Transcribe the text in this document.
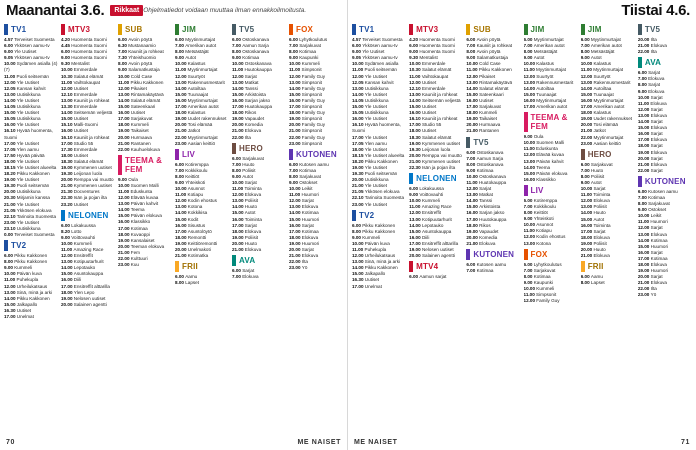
Maanantai 3.6.	Rikkaat Ohjelmatiedot voidaan muuttaa ilman ennakkoilmoitusta.
TV1
4.57 Terveiset Suomesta
6.00 Ykkösen aamu-tv
9.00 Yle Uutiset
9.05 Ykkösen aamu-tv
10.00 Sydämen asialla (4) (7)
11.00 Puoli seitsemän
12.00 Yle Uutiset
12.05 Kansan kahvit
13.00 Uutisikkuna
14.00 Yle Uutiset
14.05 Uutisikkuna
15.00 Yle Uutiset
15.05 Uutisikkuna
16.00 Yle Uutiset
16.10 Hyvää huomenta, Suomi
17.00 Yle Uutiset
17.05 Ylen aamu
17.50 Hyvää päivää
18.00 Yle Uutiset
18.15 Yle Uutiset alueelta
18.20 Pikku Kakkonen
19.00 Yle Uutiset
19.30 Puoli seitsemän
20.00 Uutisikkuna
20.30 Mirjamin kanssa
21.00 Yle Uutiset
21.05 Ykkösen elokuva
22.10 Tarinoita Suomesta
23.00 Yle Uutiset
23.10 Uutisikkuna
0.00 Terveiset Suomesta
TV2
6.00 Pikku Kakkonen
8.00 Pikku Kakkonen
9.00 Kummeli
10.00 Päivän kuva
11.00 Puhekupla
12.00 Urheilukatsaus
13.00 Sinä, minä ja arki
14.00 Pikku Kakkonen
15.00 Jalkapallo
16.30 Uutiset
17.00 Unelmat
MTV3
4.20 Huomenta Suomi
4.45 Huomenta Suomi
6.00 Huomenta Suomi
9.00 Huomenta Suomi
9.30 Mentalist
10.00 Emmerdale
10.30 Salatut elämät
11.00 Vaihtokaupat
12.00 Uutiset
12.10 Emmerdale
13.00 Kauniit ja rohkeat
13.30 Emmerdale
14.00 Seitsemän veljestä
15.00 Uutiset
15.10 Malli-Suomi
16.00 Uutiset
16.10 Kauniit ja rohkeat
17.00 Studio 55
17.30 Emmerdale
18.00 Uutiset
18.30 Salatut elämät
19.00 Kymmenen uutiset
19.30 Leijonan luola
20.00 Remppa vai muutto
21.00 Kymmenen uutiset
21.30 Docventures
22.30 Isän ja pojan ilta
23.20 Uutiset
NELONEN
6.00 Lokakuussa
8.20 Lotto
9.00 Voittovauhti
10.00 Kummeli
11.00 Amazing Race
12.00 Ensitreffit
13.00 Kotipuutarhurit
14.00 Lepotauko
15.00 Asuntokauppa
16.00 Diili
17.00 Ensitreffit alttarilla
18.00 Ylen Lepo
19.00 Nelosen uutiset
20.00 Salainen agentti
SUB
6.00 Avoin pöytä
6.30 Mustanaamio
7.00 Kauniit ja rohkeat
7.30 Yhteishuomio
8.00 Avoin pöytä
9.00 Salamatkustaja
10.00 Cold Case
11.00 Pikku Kakkonen
12.00 Pikaiset
13.00 Rintamakäytävä
14.00 Salatut elämät
15.00 Sateenkaari
16.00 Uutiset
17.00 Sarjakuvat
18.00 Kummeli
19.00 Taikaiset
20.00 Hurmaava
21.00 Rantanen
22.00 Kauhuelokuva
TEEMA & FEM
9.00 Oula
10.00 Suomen Malli
11.00 Eduskunta
12.00 Elävää kuvaa
13.00 Päivän kahvit
14.00 Teema
15.00 Päivän elokuva
16.00 Klassikko
17.00 Kotimaa
18.00 Kuvaoppi
19.00 Kansalaiset
20.00 Teeman elokuva
21.00 Fem
22.00 Kulttuuri
23.00 Kuu
JIM
6.00 Myytinmurtajat
7.00 Amerikan autot
8.00 Metsästäjät
9.00 Autot
10.00 Kalastus
11.00 Myytinmurtajat
12.00 Suurtyöt
13.00 Rakennusmestarit
14.00 Autoiltaa
15.00 Tuunaajat
16.00 Myytinmurtajat
17.00 Amerikan autot
18.00 Kalastus
19.00 Uudet rakennukset
20.00 Tosi elämää
21.00 Jatkot
22.00 Myytinmurtajat
23.00 Aasian keittiö
LIV
6.00 Kotiremppa
7.00 Kokkikoulu
8.00 Keittiöt
9.00 Yhteiskoti
10.00 Asunnot
11.00 Kotiapu
12.00 Kodin ehostus
13.00 Kotona
14.00 Kokkikisa
15.00 Kodit
16.00 Sisustus
17.00 Asuntolöytö
18.00 Remontti
19.00 Keittiöremontti
20.00 Unelmakoti
21.00 Kotimatka
FRII
6.00 Aamu
8.00 Lapset
TV5
6.00 Ostoskanava
7.00 Aamun Sarja
8.00 Ostoskanava
9.00 Kotimaa
10.00 Ostoskanava
11.00 Huutokauppa
12.00 Sarjat
13.00 Matkat
14.00 Tanssi
15.00 Arkistoista
16.00 Sarjan jakso
17.00 Huutokauppa
18.00 Rikos
19.00 Vapaudet
20.00 Komedia
21.00 Elokuva
22.00 Ilta
HERO
6.00 Sarjakuvat
7.00 Huuto
8.00 Poliisit
9.00 Autot
10.00 Sarjat
11.00 Toiminta
12.00 Elokuva
13.00 Poliisit
14.00 Huuto
15.00 Autot
16.00 Toiminta
17.00 Sarjat
18.00 Elokuva
19.00 Poliisit
20.00 Huuto
21.00 Elokuva
AVA
6.00 Sarjat
7.00 Elokuva
FOX
6.00 Lyhytkoulutus
7.00 Sarjakuvat
8.00 Kotimaa
9.00 Kaupunki
10.00 Kummeli
11.00 Simpsonit
12.00 Family Guy
13.00 Simpsonit
14.00 Family Guy
15.00 Simpsonit
16.00 Family Guy
17.00 Simpsonit
18.00 Family Guy
19.00 Simpsonit
20.00 Family Guy
21.00 Simpsonit
22.00 Family Guy
23.00 Simpsonit
KUTONEN
6.00 Kutosen aamu
7.00 Kotimaa
8.00 Sarjakuvat
9.00 Ostokset
10.00 Leikit
11.00 Huumori
12.00 Sarjat
13.00 Elokuva
14.00 Kotimaa
15.00 Huumori
16.00 Sarjat
17.00 Kotimaa
18.00 Elokuva
19.00 Huumori
20.00 Sarjat
21.00 Elokuva
22.00 Ilta
23.00 Yö
70	ME NAISET
Tiistai 4.6.
TV1
4.57 Terveiset Suomesta
6.00 Ykkösen aamu-tv
9.00 Yle Uutiset
9.05 Ykkösen aamu-tv
10.00 Sydämen asialla
11.00 Puoli seitsemän
12.00 Yle Uutiset
12.05 Kansan kahvit
13.00 Uutisikkuna
14.00 Yle Uutiset
14.05 Uutisikkuna
15.00 Yle Uutiset
15.05 Uutisikkuna
16.00 Yle Uutiset
16.10 Hyvää huomenta, Suomi
17.00 Yle Uutiset
17.05 Ylen aamu
18.00 Yle Uutiset
18.15 Yle Uutiset alueelta
18.20 Pikku Kakkonen
19.00 Yle Uutiset
19.30 Puoli seitsemän
20.00 Uutisikkuna
21.00 Yle Uutiset
21.05 Ykkösen elokuva
22.10 Tarinoita Suomesta
23.00 Yle Uutiset
TV2
6.00 Pikku Kakkonen
8.00 Pikku Kakkonen
9.00 Kummeli
10.00 Päivän kuva
11.00 Puhekupla
12.00 Urheilukatsaus
13.00 Sinä, minä ja arki
14.00 Pikku Kakkonen
15.00 Jalkapallo
16.30 Uutiset
17.00 Unelmat
MTV3
4.20 Huomenta Suomi
6.00 Huomenta Suomi
9.00 Huomenta Suomi
9.30 Mentalist
10.00 Emmerdale
10.30 Salatut elämät
11.00 Vaihtokaupat
12.00 Uutiset
12.10 Emmerdale
13.00 Kauniit ja rohkeat
14.00 Seitsemän veljestä
15.00 Uutiset
16.00 Uutiset
16.10 Kauniit ja rohkeat
17.00 Studio 55
18.00 Uutiset
18.30 Salatut elämät
19.00 Kymmenen uutiset
19.30 Leijonan luola
20.00 Remppa vai muutto
21.00 Kymmenen uutiset
22.30 Isän ja pojan ilta
NELONEN
6.00 Lokakuussa
9.00 Voittovauhti
10.00 Kummeli
11.00 Amazing Race
12.00 Ensitreffit
13.00 Kotipuutarhurit
14.00 Lepotauko
15.00 Asuntokauppa
16.00 Diili
17.00 Ensitreffit alttarilla
19.00 Nelosen uutiset
20.00 Salainen agentti
MTV4
6.00 Aamun sarjat
SUB
6.00 Avoin pöytä
7.00 Kauniit ja rohkeat
8.00 Avoin pöytä
9.00 Salamatkustaja
10.00 Cold Case
11.00 Pikku Kakkonen
12.00 Pikaiset
13.00 Rintamakäytävä
14.00 Salatut elämät
15.00 Sateenkaari
16.00 Uutiset
17.00 Sarjakuvat
18.00 Kummeli
19.00 Taikaiset
20.00 Hurmaava
21.00 Rantanen
TV5
6.00 Ostoskanava
7.00 Aamun Sarja
8.00 Ostoskanava
9.00 Kotimaa
10.00 Ostoskanava
11.00 Huutokauppa
12.00 Sarjat
13.00 Matkat
14.00 Tanssi
15.00 Arkistoista
16.00 Sarjan jakso
17.00 Huutokauppa
18.00 Rikos
19.00 Vapaudet
20.00 Komedia
21.00 Elokuva
KUTONEN
6.00 Kutosen aamu
7.00 Kotimaa
JIM
6.00 Myytinmurtajat
7.00 Amerikan autot
8.00 Metsästäjät
9.00 Autot
10.00 Kalastus
11.00 Myytinmurtajat
12.00 Suurtyöt
13.00 Rakennusmestarit
14.00 Autoiltaa
15.00 Tuunaajat
16.00 Myytinmurtajat
17.00 Amerikan autot
TEEMA & FEM
9.00 Oula
10.00 Suomen Malli
11.00 Eduskunta
12.00 Elävää kuvaa
13.00 Päivän kahvit
14.00 Teema
15.00 Päivän elokuva
16.00 Klassikko
LIV
6.00 Kotiremppa
7.00 Kokkikoulu
8.00 Keittiöt
9.00 Yhteiskoti
10.00 Asunnot
11.00 Kotiapu
12.00 Kodin ehostus
13.00 Kotona
FOX
6.00 Lyhytkoulutus
7.00 Sarjakuvat
8.00 Kotimaa
9.00 Kaupunki
10.00 Kummeli
11.00 Simpsonit
12.00 Family Guy
JIM
6.00 Myytinmurtajat
7.00 Amerikan autot
8.00 Metsästäjät
9.00 Autot
10.00 Kalastus
11.00 Myytinmurtajat
12.00 Suurtyöt
13.00 Rakennusmestarit
14.00 Autoiltaa
15.00 Tuunaajat
16.00 Myytinmurtajat
17.00 Amerikan autot
18.00 Kalastus
19.00 Uudet rakennukset
20.00 Tosi elämää
21.00 Jatkot
22.00 Myytinmurtajat
23.00 Aasian keittiö
HERO
6.00 Sarjakuvat
7.00 Huuto
8.00 Poliisit
9.00 Autot
10.00 Sarjat
11.00 Toiminta
12.00 Elokuva
13.00 Poliisit
14.00 Huuto
15.00 Autot
16.00 Toiminta
17.00 Sarjat
18.00 Elokuva
19.00 Poliisit
20.00 Huuto
21.00 Elokuva
FRII
6.00 Aamu
8.00 Lapset
TV5
20.00 Ilta
21.00 Elokuva
22.00 Ilta
AVA
6.00 Sarjat
7.00 Elokuva
8.00 Sarjat
9.00 Elokuva
10.00 Sarjat
11.00 Elokuva
12.00 Sarjat
13.00 Elokuva
14.00 Sarjat
15.00 Elokuva
16.00 Sarjat
17.00 Elokuva
18.00 Sarjat
19.00 Elokuva
20.00 Sarjat
21.00 Elokuva
22.00 Sarjat
KUTONEN
6.00 Kutosen aamu
7.00 Kotimaa
8.00 Sarjakuvat
9.00 Ostokset
10.00 Leikit
11.00 Huumori
12.00 Sarjat
13.00 Elokuva
14.00 Kotimaa
15.00 Huumori
16.00 Sarjat
17.00 Kotimaa
18.00 Elokuva
19.00 Huumori
20.00 Sarjat
21.00 Elokuva
22.00 Ilta
23.00 Yö
ME NAISET	71
